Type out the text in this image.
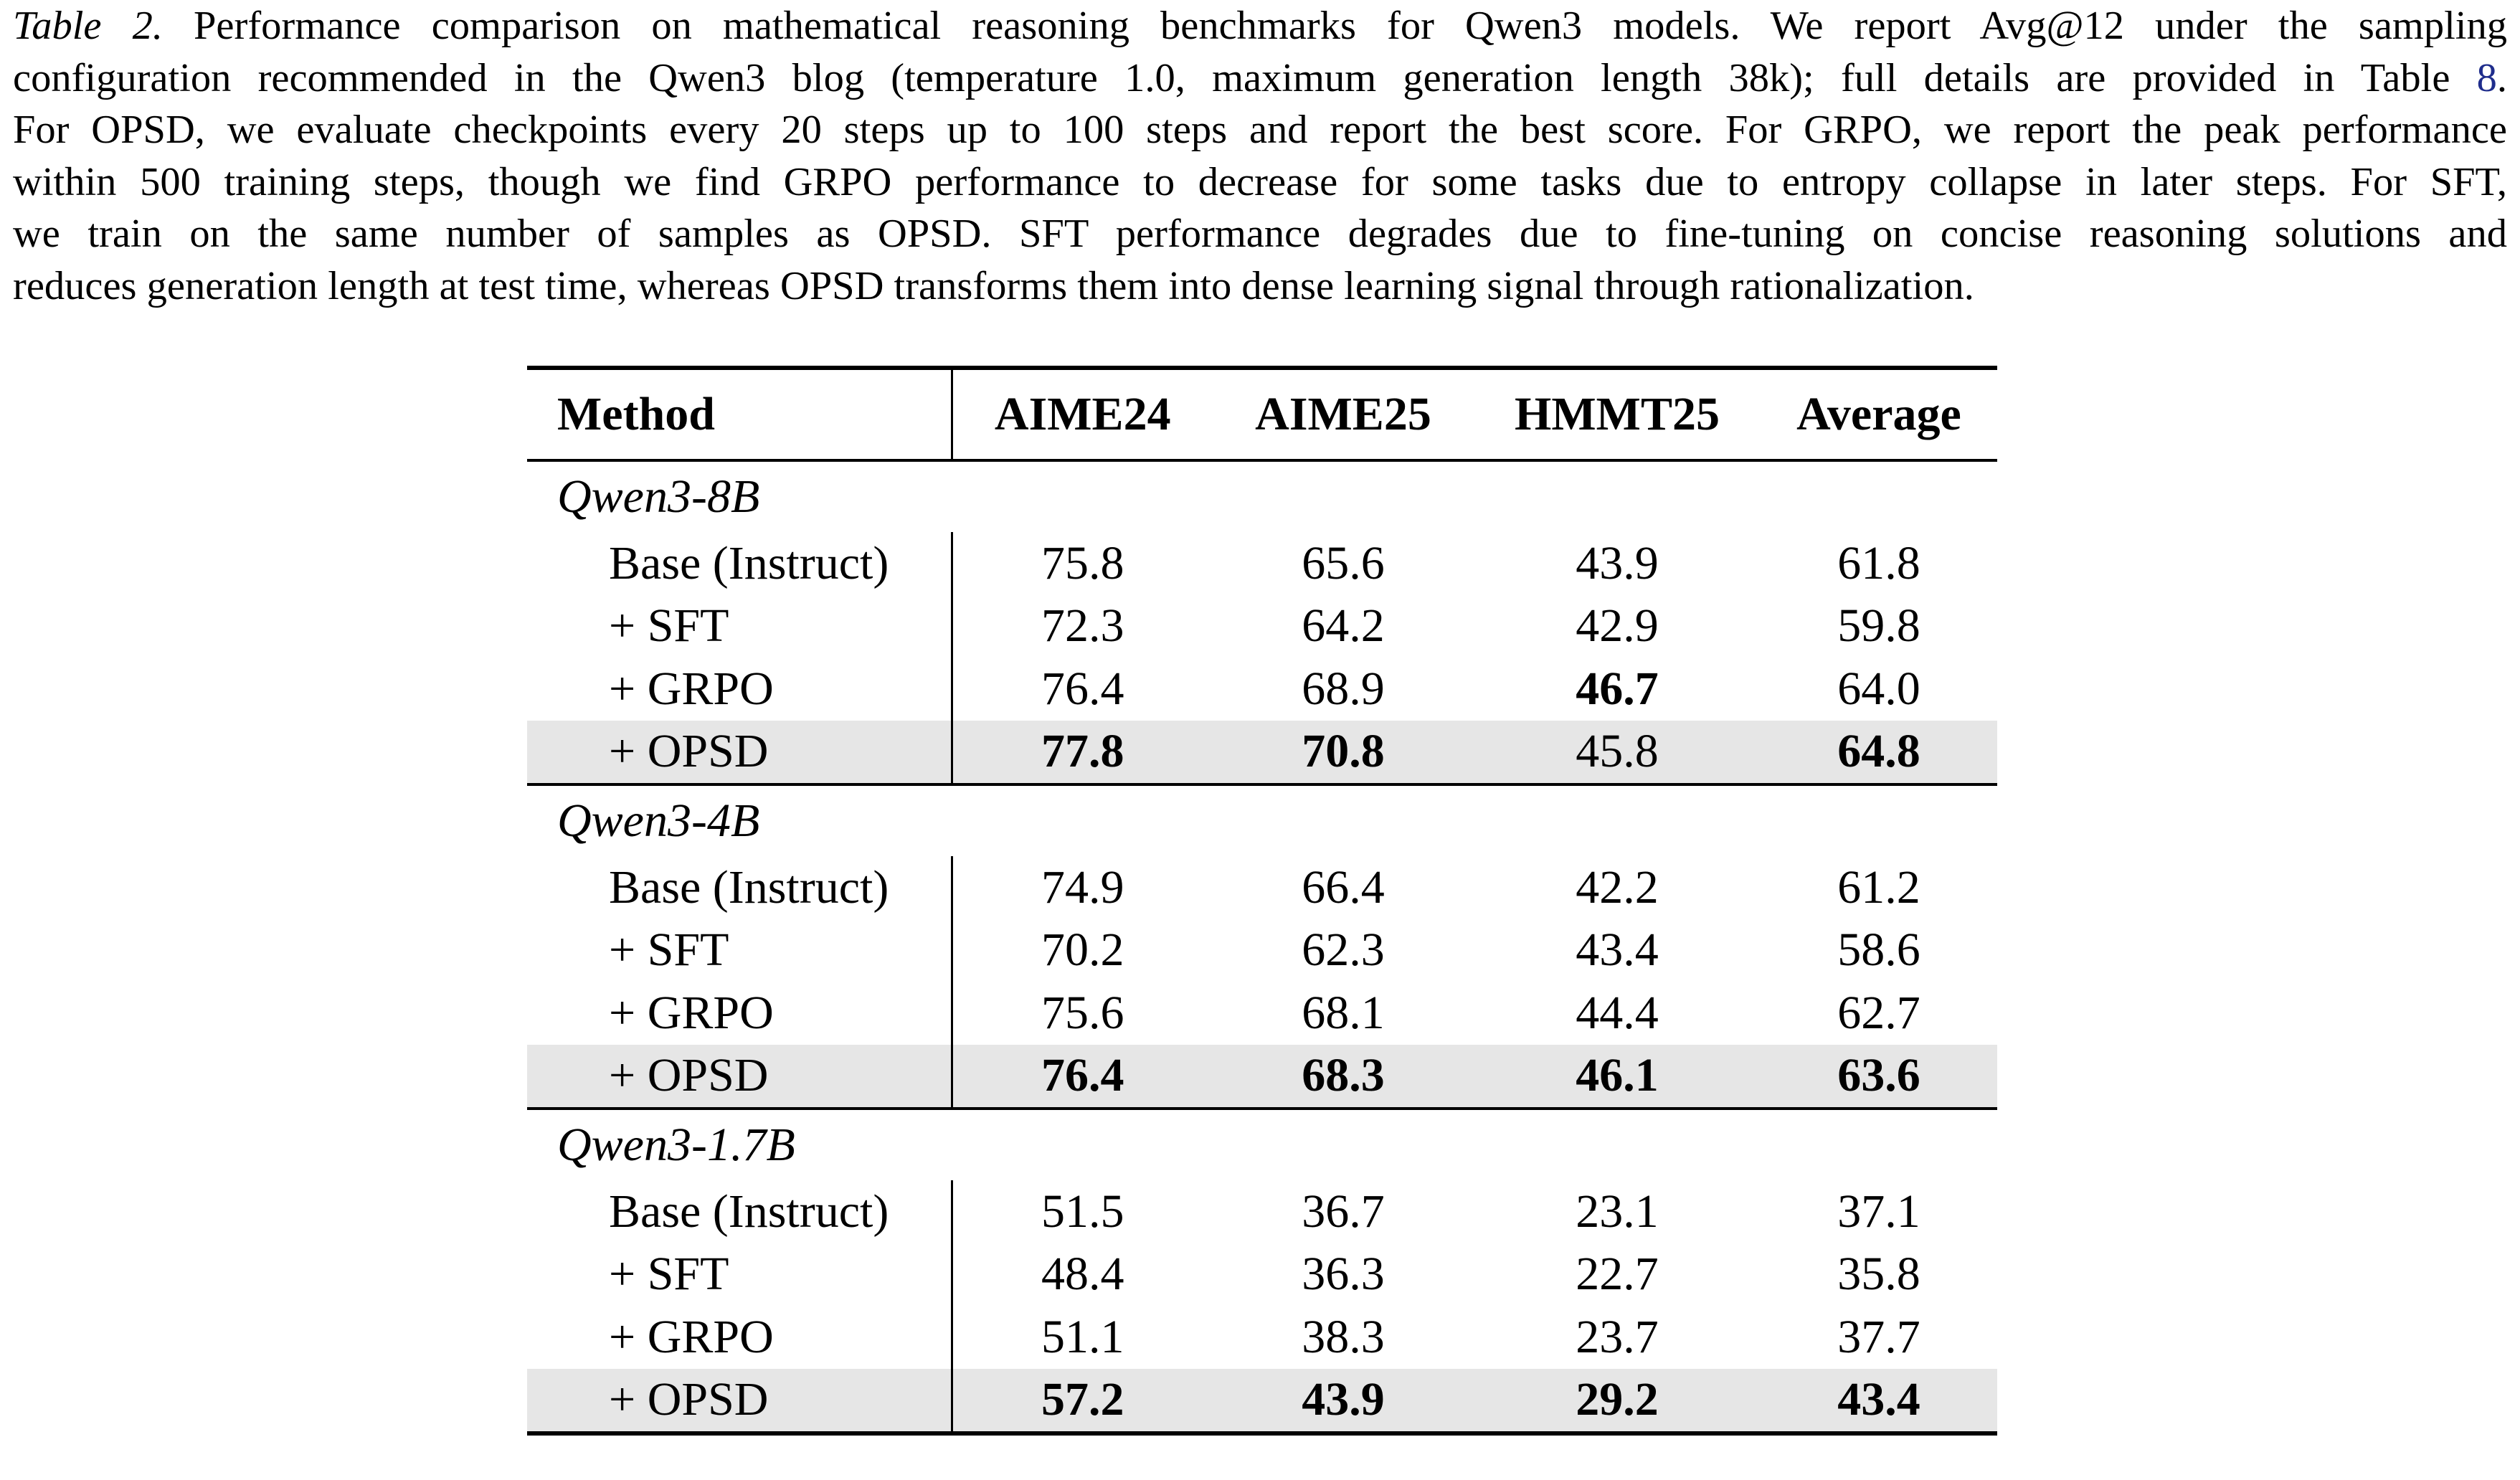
Table 2. Performance comparison on mathematical reasoning benchmarks for Qwen3 models. We report Avg@12 under the sampling
configuration recommended in the Qwen3 blog (temperature 1.0, maximum generation length 38k); full details are provided in Table 8.
For OPSD, we evaluate checkpoints every 20 steps up to 100 steps and report the best score. For GRPO, we report the peak performance
within 500 training steps, though we find GRPO performance to decrease for some tasks due to entropy collapse in later steps. For SFT,
we train on the same number of samples as OPSD. SFT performance degrades due to fine-tuning on concise reasoning solutions and
reduces generation length at test time, whereas OPSD transforms them into dense learning signal through rationalization.
Method	AIME24	AIME25	HMMT25	Average
Qwen3-8B				
Base (Instruct)	75.8	65.6	43.9	61.8
+ SFT	72.3	64.2	42.9	59.8
+ GRPO	76.4	68.9	46.7	64.0
+ OPSD	77.8	70.8	45.8	64.8
Qwen3-4B				
Base (Instruct)	74.9	66.4	42.2	61.2
+ SFT	70.2	62.3	43.4	58.6
+ GRPO	75.6	68.1	44.4	62.7
+ OPSD	76.4	68.3	46.1	63.6
Qwen3-1.7B				
Base (Instruct)	51.5	36.7	23.1	37.1
+ SFT	48.4	36.3	22.7	35.8
+ GRPO	51.1	38.3	23.7	37.7
+ OPSD	57.2	43.9	29.2	43.4
